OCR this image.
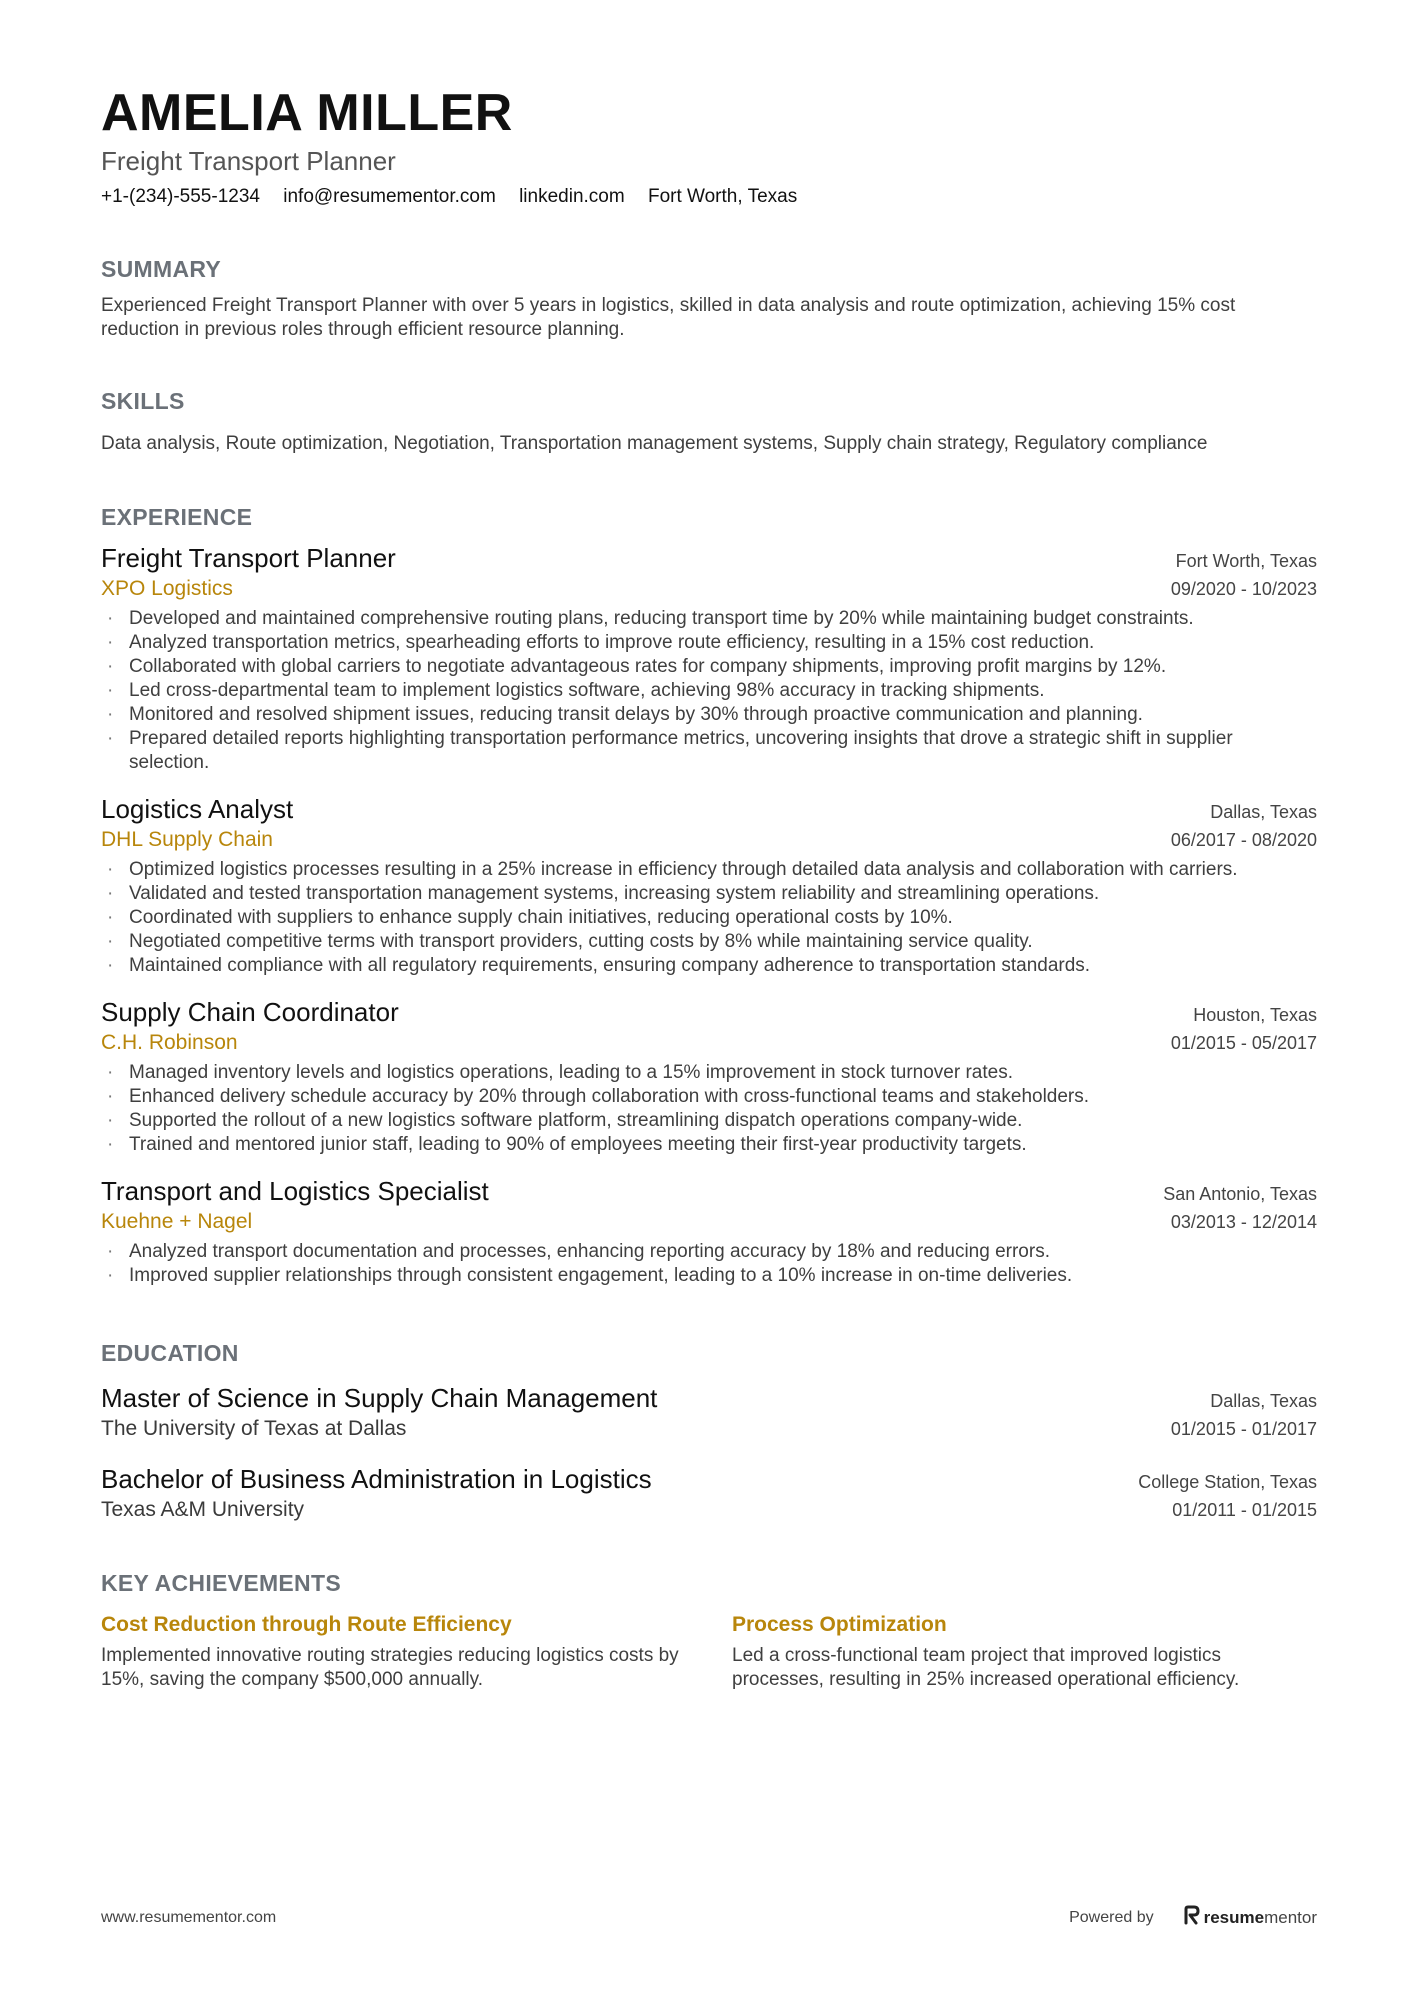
AMELIA MILLER
Freight Transport Planner
+1-(234)-555-1234 info@resumementor.com linkedin.com Fort Worth, Texas
SUMMARY
Experienced Freight Transport Planner with over 5 years in logistics, skilled in data analysis and route optimization, achieving 15% cost reduction in previous roles through efficient resource planning.
SKILLS
Data analysis, Route optimization, Negotiation, Transportation management systems, Supply chain strategy, Regulatory compliance
EXPERIENCE
Freight Transport Planner	Fort Worth, Texas
XPO Logistics	09/2020 - 10/2023
· Developed and maintained comprehensive routing plans, reducing transport time by 20% while maintaining budget constraints.
· Analyzed transportation metrics, spearheading efforts to improve route efficiency, resulting in a 15% cost reduction.
· Collaborated with global carriers to negotiate advantageous rates for company shipments, improving profit margins by 12%.
· Led cross-departmental team to implement logistics software, achieving 98% accuracy in tracking shipments.
· Monitored and resolved shipment issues, reducing transit delays by 30% through proactive communication and planning.
· Prepared detailed reports highlighting transportation performance metrics, uncovering insights that drove a strategic shift in supplier selection.
Logistics Analyst	Dallas, Texas
DHL Supply Chain	06/2017 - 08/2020
· Optimized logistics processes resulting in a 25% increase in efficiency through detailed data analysis and collaboration with carriers.
· Validated and tested transportation management systems, increasing system reliability and streamlining operations.
· Coordinated with suppliers to enhance supply chain initiatives, reducing operational costs by 10%.
· Negotiated competitive terms with transport providers, cutting costs by 8% while maintaining service quality.
· Maintained compliance with all regulatory requirements, ensuring company adherence to transportation standards.
Supply Chain Coordinator	Houston, Texas
C.H. Robinson	01/2015 - 05/2017
· Managed inventory levels and logistics operations, leading to a 15% improvement in stock turnover rates.
· Enhanced delivery schedule accuracy by 20% through collaboration with cross-functional teams and stakeholders.
· Supported the rollout of a new logistics software platform, streamlining dispatch operations company-wide.
· Trained and mentored junior staff, leading to 90% of employees meeting their first-year productivity targets.
Transport and Logistics Specialist	San Antonio, Texas
Kuehne + Nagel	03/2013 - 12/2014
· Analyzed transport documentation and processes, enhancing reporting accuracy by 18% and reducing errors.
· Improved supplier relationships through consistent engagement, leading to a 10% increase in on-time deliveries.
EDUCATION
Master of Science in Supply Chain Management	Dallas, Texas
The University of Texas at Dallas	01/2015 - 01/2017
Bachelor of Business Administration in Logistics	College Station, Texas
Texas A&M University	01/2011 - 01/2015
KEY ACHIEVEMENTS
Cost Reduction through Route Efficiency
Implemented innovative routing strategies reducing logistics costs by 15%, saving the company $500,000 annually.
Process Optimization
Led a cross-functional team project that improved logistics processes, resulting in 25% increased operational efficiency.
www.resumementor.com	Powered by	resume mentor
